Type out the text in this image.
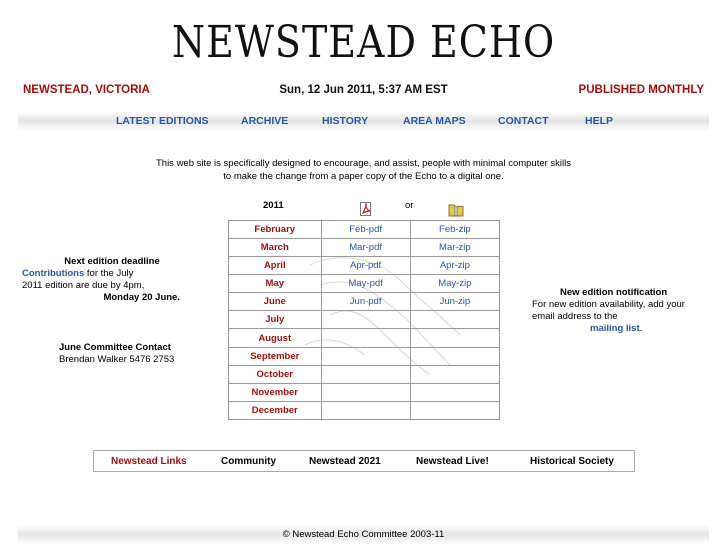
NEWSTEAD ECHO
NEWSTEAD, VICTORIA	Sun, 12 Jun 2011, 5:37 AM EST	PUBLISHED MONTHLY
LATEST EDITIONS	ARCHIVE	HISTORY	AREA MAPS	CONTACT	HELP
This web site is specifically designed to encourage, and assist, people with minimal computer skills
to make the change from a paper copy of the Echo to a digital one.
Next edition deadline
Contributions for the July
2011 edition are due by 4pm,
Monday 20 June.
June Committee Contact
Brendan Walker 5476 2753
New edition notification
For new edition availability, add your
email address to the
mailing list.
2011	or
February	Feb-pdf	Feb-zip
March	Mar-pdf	Mar-zip
April	Apr-pdf	Apr-zip
May	May-pdf	May-zip
June	Jun-pdf	Jun-zip
July		
August		
September		
October		
November		
December		
Newstead Links	Community	Newstead 2021	Newstead Live!	Historical Society
© Newstead Echo Committee 2003-11
